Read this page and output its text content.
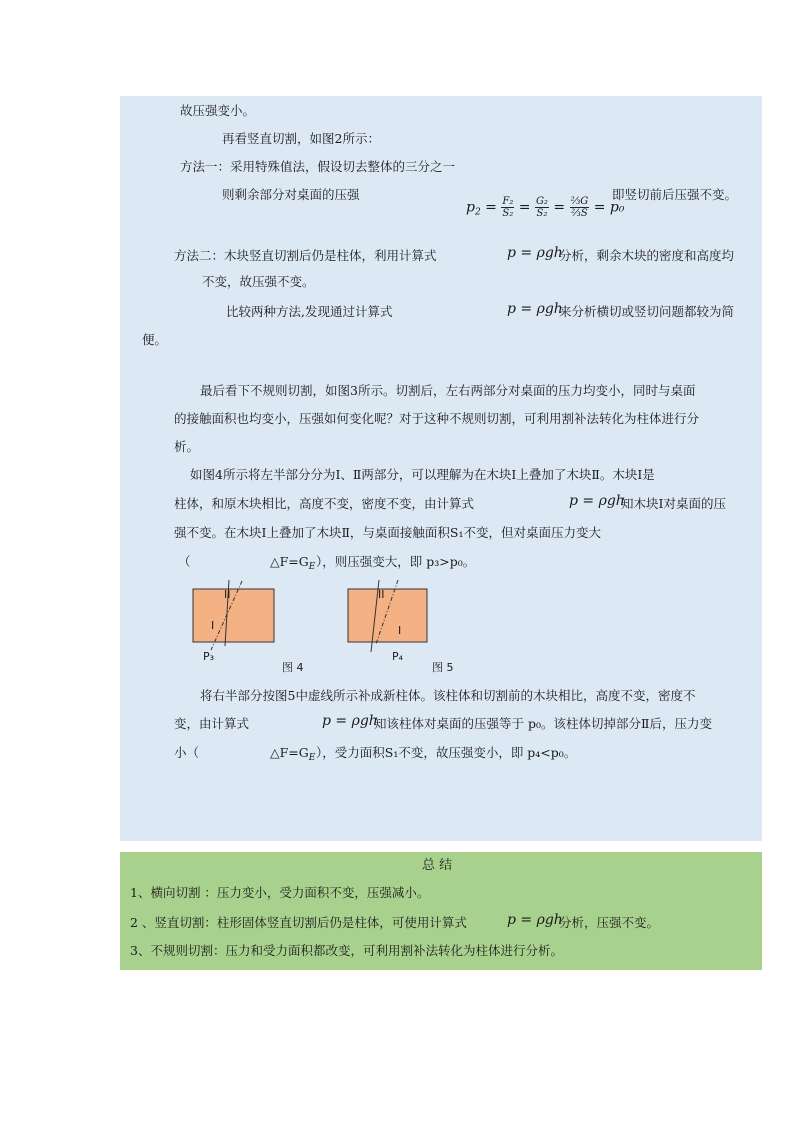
故压强变小。
再看竖直切割，如图2所示：
方法一：采用特殊值法，假设切去整体的三分之一
则剩余部分对桌面的压强	即竖切前后压强不变。
$p_2 = \frac{\text{F₂}}{\text{S₂}} = \frac{\text{G₂}}{\text{S₂}} = \frac{\text{⅔G}}{\text{⅔S}} = p_0$
方法二：木块竖直切割后仍是柱体，利用计算式	p = ρgℎ
分析，剩余木块的密度和高度均
不变，故压强不变。
比较两种方法,发现通过计算式	p = ρgℎ
来分析横切或竖切问题都较为简
便。
最后看下不规则切割，如图3所示。切割后，左右两部分对桌面的压力均变小，同时与桌面
的接触面积也均变小，压强如何变化呢？对于这种不规则切割，可利用割补法转化为柱体进行分
析。
如图4所示将左半部分分为Ⅰ、Ⅱ两部分，可以理解为在木块Ⅰ上叠加了木块Ⅱ。木块Ⅰ是
柱体，和原木块相比，高度不变，密度不变，由计算式	p = ρgh
知木块Ⅰ对桌面的压
强不变。在木块Ⅰ上叠加了木块Ⅱ，与桌面接触面积S₁不变，但对桌面压力变大
（	$\triangle F=G_E$ ），则压强变大，即 p₃>p₀。
II
I
P₃
图 4
II
I
P₄
图 5
将右半部分按图5中虚线所示补成新柱体。该柱体和切割前的木块相比，高度不变，密度不
变，由计算式	p = ρgh
知该柱体对桌面的压强等于 p₀。该柱体切掉部分Ⅱ后，压力变
小（	$\triangle F=G_E$ ），受力面积S₁不变，故压强变小，即 p₄<p₀。
总 结
1、横向切割 ：压力变小，受力面积不变，压强减小。
2 、竖直切割：柱形固体竖直切割后仍是柱体，可使用计算式	p = ρgℎ
分析，压强不变。
3、不规则切割：压力和受力面积都改变，可利用割补法转化为柱体进行分析。
